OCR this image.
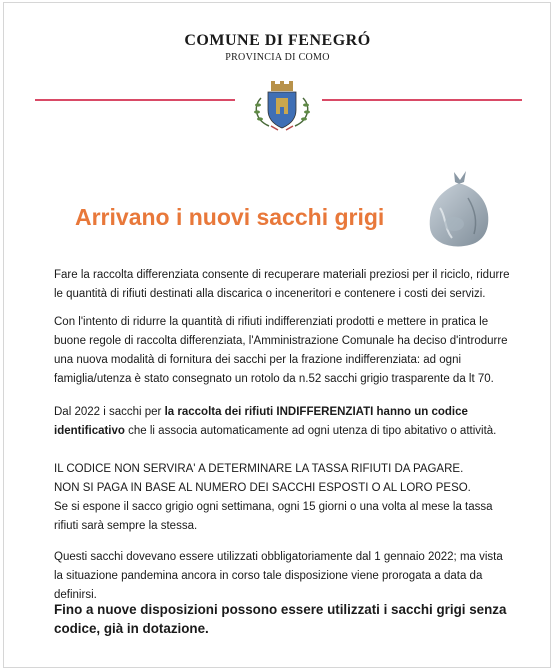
COMUNE DI FENEGRÓ
PROVINCIA DI COMO
Arrivano i nuovi sacchi grigi
Fare la raccolta differenziata consente di recuperare materiali preziosi per il riciclo, ridurre le quantità di rifiuti destinati alla discarica o inceneritori e contenere i costi dei servizi.
Con l'intento di ridurre la quantità di rifiuti indifferenziati prodotti e mettere in pratica le buone regole di raccolta differenziata, l'Amministrazione Comunale ha deciso d'introdurre una nuova modalità di fornitura dei sacchi per la frazione indifferenziata: ad ogni famiglia/utenza è stato consegnato un rotolo da n.52 sacchi grigio trasparente da lt 70.
Dal 2022 i sacchi per la raccolta dei rifiuti INDIFFERENZIATI hanno un codice identificativo che li associa automaticamente ad ogni utenza di tipo abitativo o attività.
IL CODICE NON SERVIRA' A DETERMINARE LA TASSA RIFIUTI DA PAGARE.
NON SI PAGA IN BASE AL NUMERO DEI SACCHI ESPOSTI O AL LORO PESO.
Se si espone il sacco grigio ogni settimana, ogni 15 giorni o una volta al mese la tassa rifiuti sarà sempre la stessa.
Questi sacchi dovevano essere utilizzati obbligatoriamente dal 1 gennaio 2022; ma vista la situazione pandemina ancora in corso tale disposizione viene prorogata a data da definirsi.
Fino a nuove disposizioni possono essere utilizzati i sacchi grigi senza codice, già in dotazione.
